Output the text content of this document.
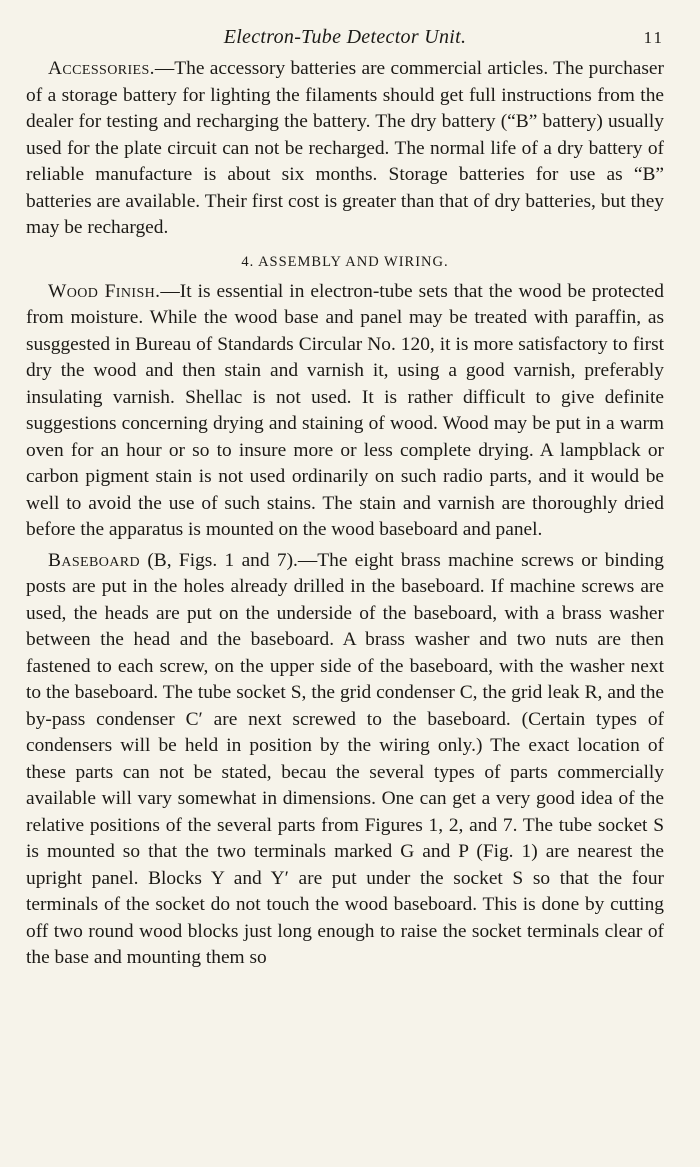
Electron-Tube Detector Unit.	11

Accessories.—The accessory batteries are commercial articles. The purchaser of a storage battery for lighting the filaments should get full instructions from the dealer for testing and recharging the battery. The dry battery (“B” battery) usually used for the plate circuit can not be recharged. The normal life of a dry battery of reliable manufacture is about six months. Storage batteries for use as “B” batteries are available. Their first cost is greater than that of dry batteries, but they may be recharged.

4. ASSEMBLY AND WIRING.

Wood Finish.—It is essential in electron-tube sets that the wood be protected from moisture. While the wood base and panel may be treated with paraffin, as susggested in Bureau of Standards Circular No. 120, it is more satisfactory to first dry the wood and then stain and varnish it, using a good varnish, preferably insulating varnish. Shellac is not used. It is rather difficult to give definite suggestions concerning drying and staining of wood. Wood may be put in a warm oven for an hour or so to insure more or less complete drying. A lampblack or carbon pigment stain is not used ordinarily on such radio parts, and it would be well to avoid the use of such stains. The stain and varnish are thoroughly dried before the apparatus is mounted on the wood baseboard and panel.

Baseboard (B, Figs. 1 and 7).—The eight brass machine screws or binding posts are put in the holes already drilled in the baseboard. If machine screws are used, the heads are put on the underside of the baseboard, with a brass washer between the head and the baseboard. A brass washer and two nuts are then fastened to each screw, on the upper side of the baseboard, with the washer next to the baseboard. The tube socket S, the grid condenser C, the grid leak R, and the by-pass condenser C′ are next screwed to the baseboard. (Certain types of condensers will be held in position by the wiring only.) The exact location of these parts can not be stated, becau the several types of parts commercially available will vary somewhat in dimensions. One can get a very good idea of the relative positions of the several parts from Figures 1, 2, and 7. The tube socket S is mounted so that the two terminals marked G and P (Fig. 1) are nearest the upright panel. Blocks Y and Y′ are put under the socket S so that the four terminals of the socket do not touch the wood baseboard. This is done by cutting off two round wood blocks just long enough to raise the socket terminals clear of the base and mounting them so
